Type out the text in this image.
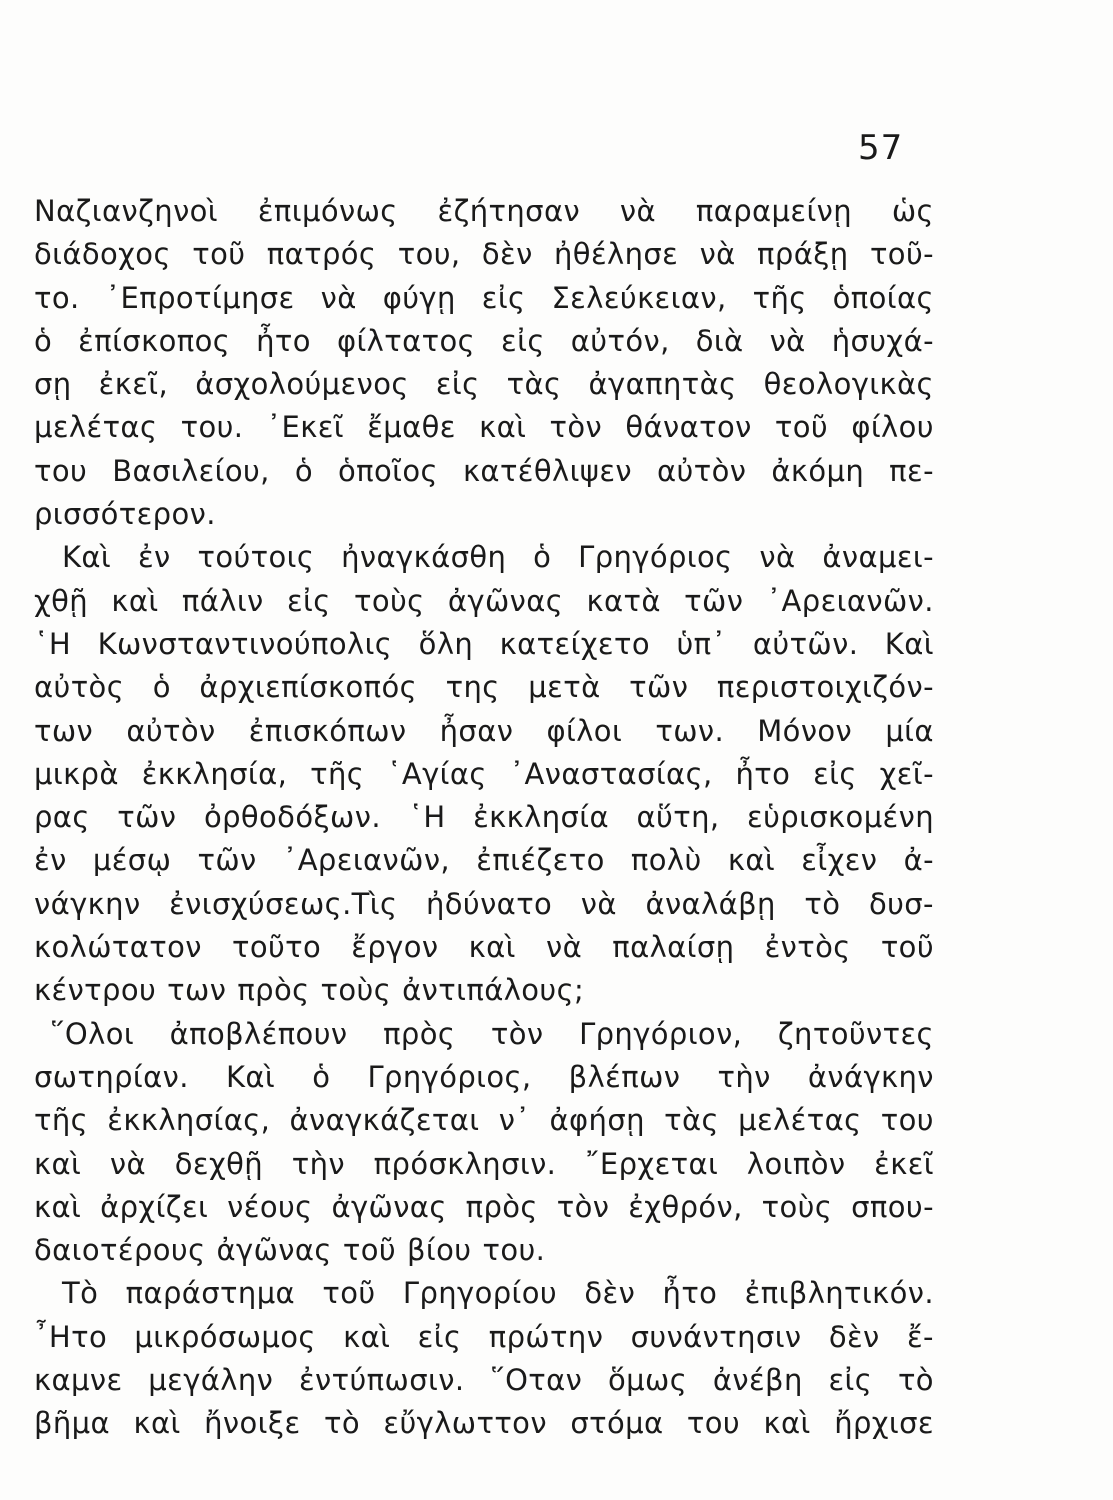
57
Ναζιανζηνοὶ ἐπιμόνως ἐζήτησαν νὰ παραμείνῃ ὡς
διάδοχος τοῦ πατρός του, δὲν ἠθέλησε νὰ πράξῃ τοῦ-
το. ᾽Επροτίμησε νὰ φύγῃ εἰς Σελεύκειαν, τῆς ὁποίας
ὁ ἐπίσκοπος ἦτο φίλτατος εἰς αὐτόν, διὰ νὰ ἡσυχά-
σῃ ἐκεῖ, ἀσχολούμενος εἰς τὰς ἀγαπητὰς θεολογικὰς
μελέτας του. ᾽Εκεῖ ἔμαθε καὶ τὸν θάνατον τοῦ φίλου
του Βασιλείου, ὁ ὁποῖος κατέθλιψεν αὐτὸν ἀκόμη πε-
ρισσότερον.
Καὶ ἐν τούτοις ἠναγκάσθη ὁ Γρηγόριος νὰ ἀναμει-
χθῇ καὶ πάλιν εἰς τοὺς ἀγῶνας κατὰ τῶν ᾽Αρειανῶν.
῾Η Κωνσταντινούπολις ὅλη κατείχετο ὑπ᾽ αὐτῶν. Καὶ
αὐτὸς ὁ ἀρχιεπίσκοπός της μετὰ τῶν περιστοιχιζόν-
των αὐτὸν ἐπισκόπων ἦσαν φίλοι των. Μόνον μία
μικρὰ ἐκκλησία, τῆς ῾Αγίας ᾽Αναστασίας, ἦτο εἰς χεῖ-
ρας τῶν ὀρθοδόξων. ῾Η ἐκκλησία αὕτη, εὑρισκομένη
ἐν μέσῳ τῶν ᾽Αρειανῶν, ἐπιέζετο πολὺ καὶ εἶχεν ἀ-
νάγκην ἐνισχύσεως.Τὶς ἠδύνατο νὰ ἀναλάβῃ τὸ δυσ-
κολώτατον τοῦτο ἔργον καὶ νὰ παλαίσῃ ἐντὸς τοῦ
κέντρου των πρὸς τοὺς ἀντιπάλους;
῞Ολοι ἀποβλέπουν πρὸς τὸν Γρηγόριον, ζητοῦντες
σωτηρίαν. Καὶ ὁ Γρηγόριος, βλέπων τὴν ἀνάγκην
τῆς ἐκκλησίας, ἀναγκάζεται ν᾽ ἀφήσῃ τὰς μελέτας του
καὶ νὰ δεχθῇ τὴν πρόσκλησιν. ῎Ερχεται λοιπὸν ἐκεῖ
καὶ ἀρχίζει νέους ἀγῶνας πρὸς τὸν ἐχθρόν, τοὺς σπου-
δαιοτέρους ἀγῶνας τοῦ βίου του.
Τὸ παράστημα τοῦ Γρηγορίου δὲν ἦτο ἐπιβλητικόν.
῏Ητο μικρόσωμος καὶ εἰς πρώτην συνάντησιν δὲν ἔ-
καμνε μεγάλην ἐντύπωσιν. ῞Οταν ὅμως ἀνέβη εἰς τὸ
βῆμα καὶ ἤνοιξε τὸ εὔγλωττον στόμα του καὶ ἤρχισε
